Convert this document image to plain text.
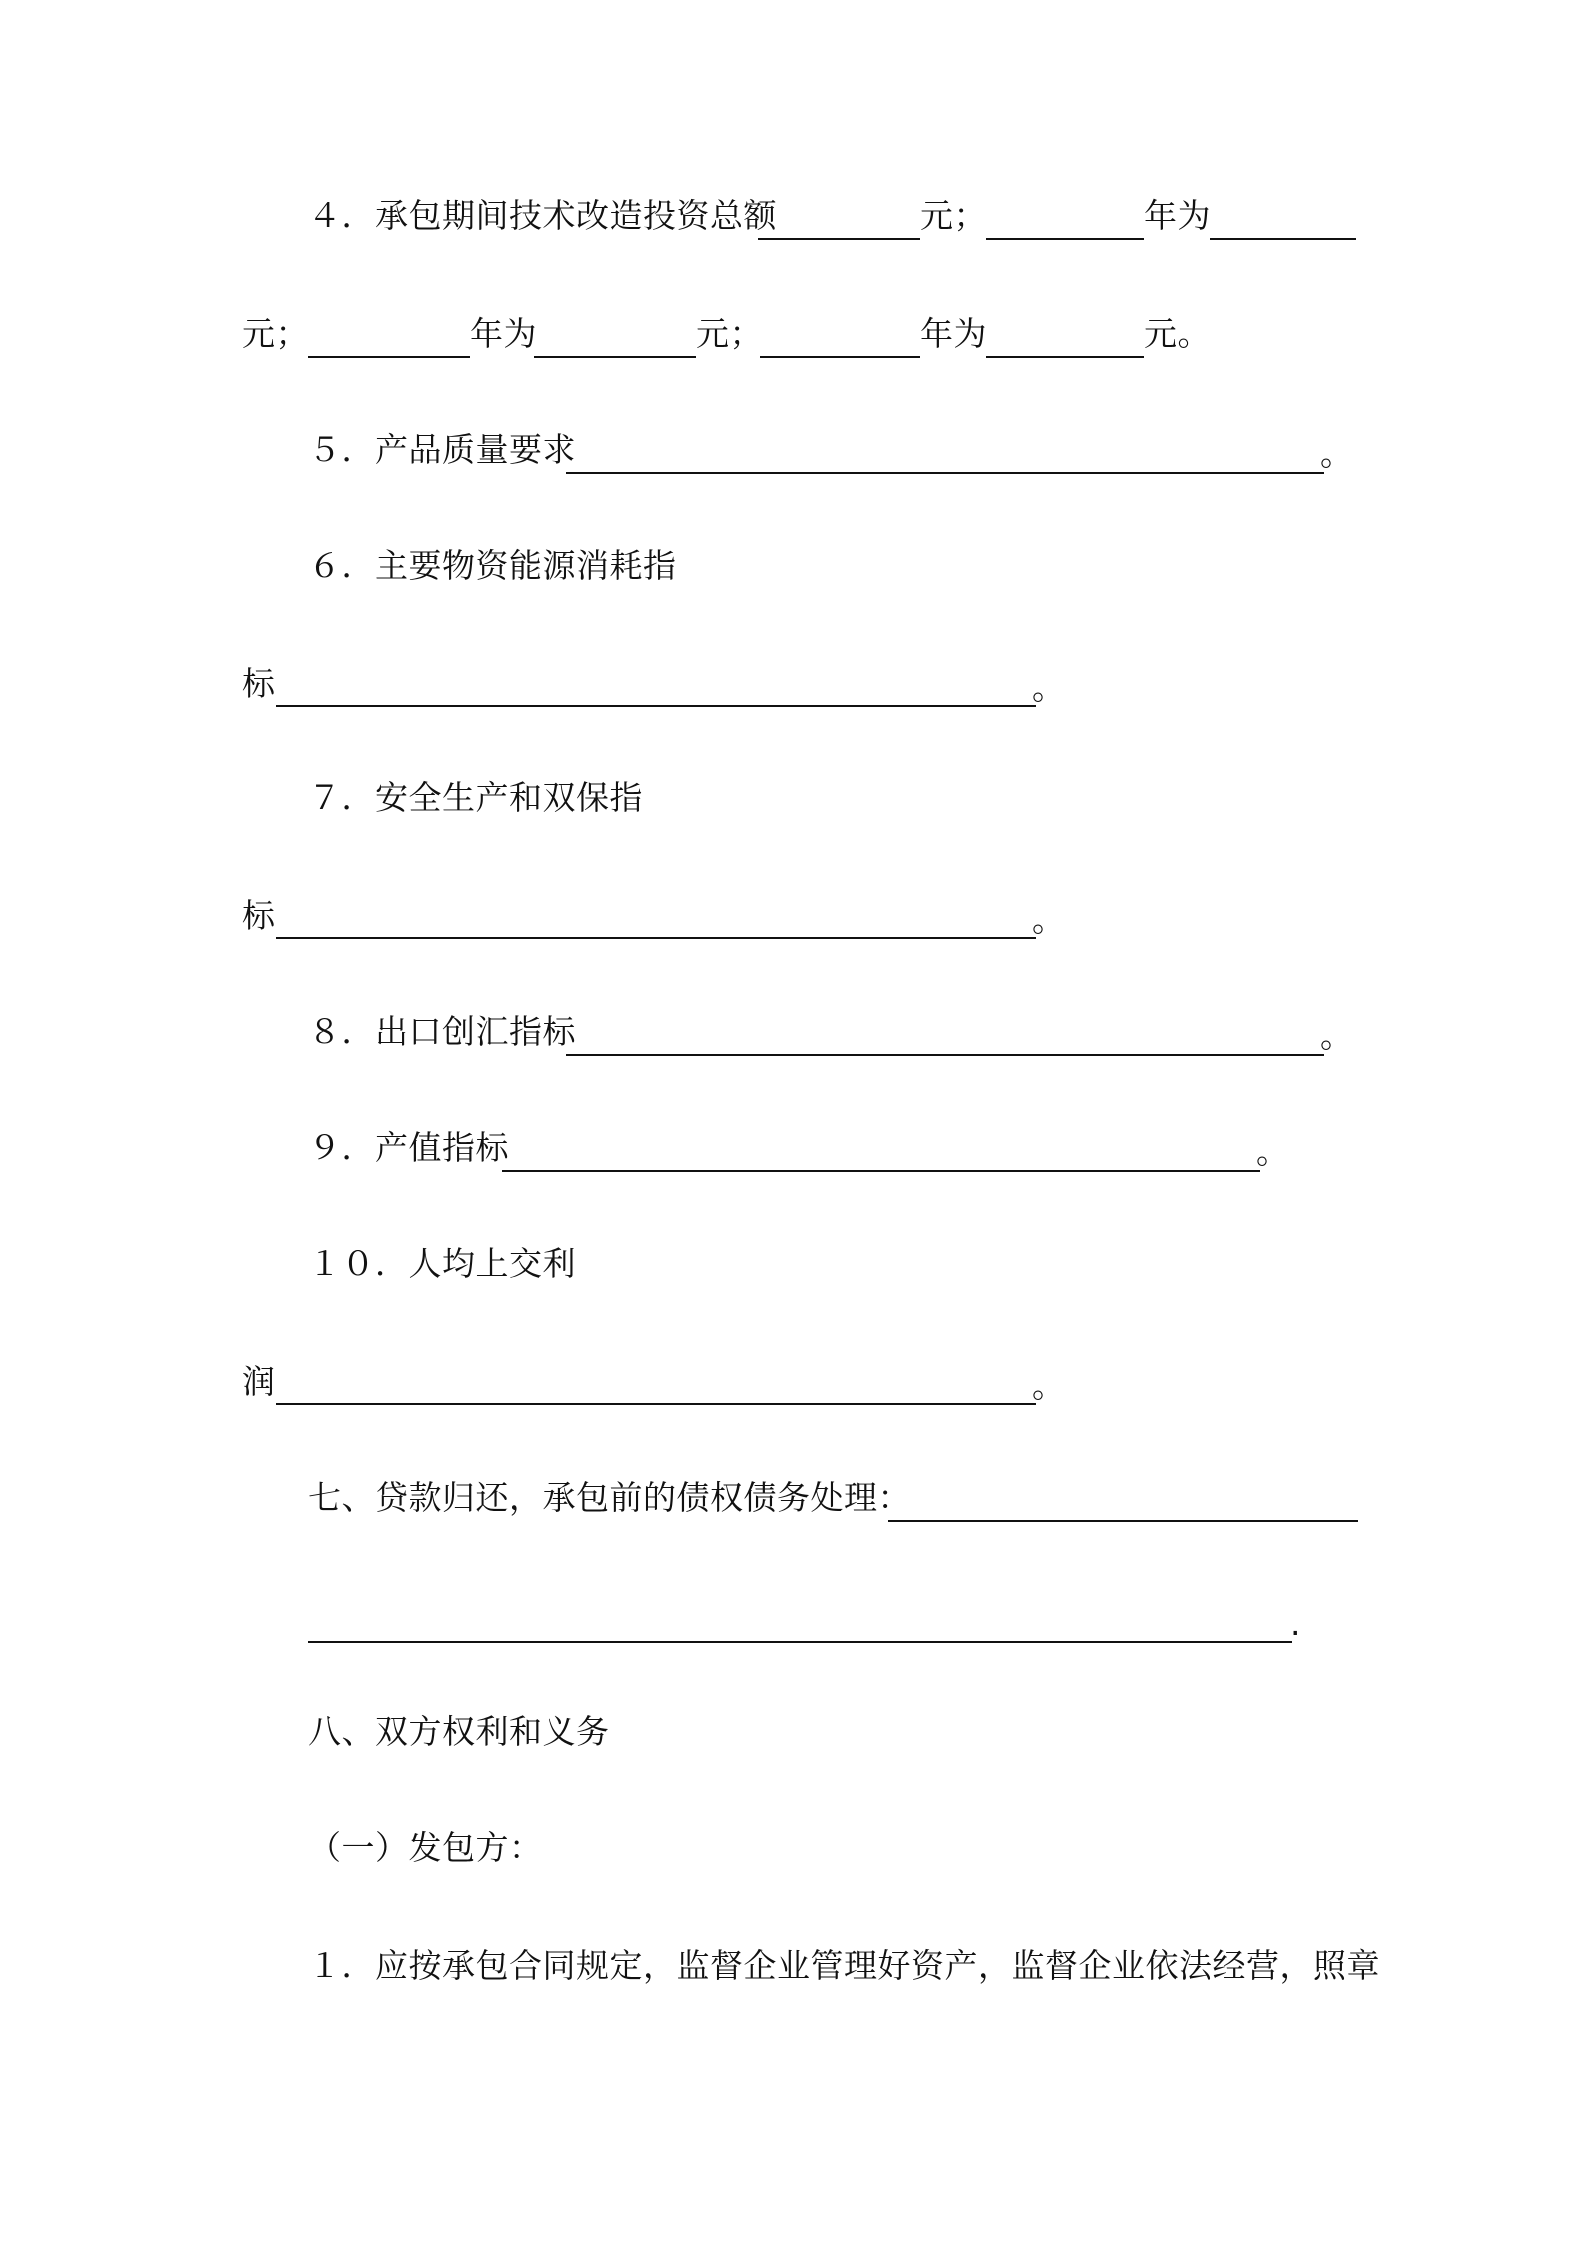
４．承包期间技术改造投资总额	元；	年为
元；	年为	元；	年为	元。
５．产品质量要求	。
６．主要物资能源消耗指
标	。
７．安全生产和双保指
标	。
８．出口创汇指标	。
９．产值指标	。
１０．人均上交利
润	。
七、贷款归还，承包前的债权债务处理：
.
八、双方权利和义务
（一）发包方：
１．应按承包合同规定，监督企业管理好资产，监督企业依法经营，照章
